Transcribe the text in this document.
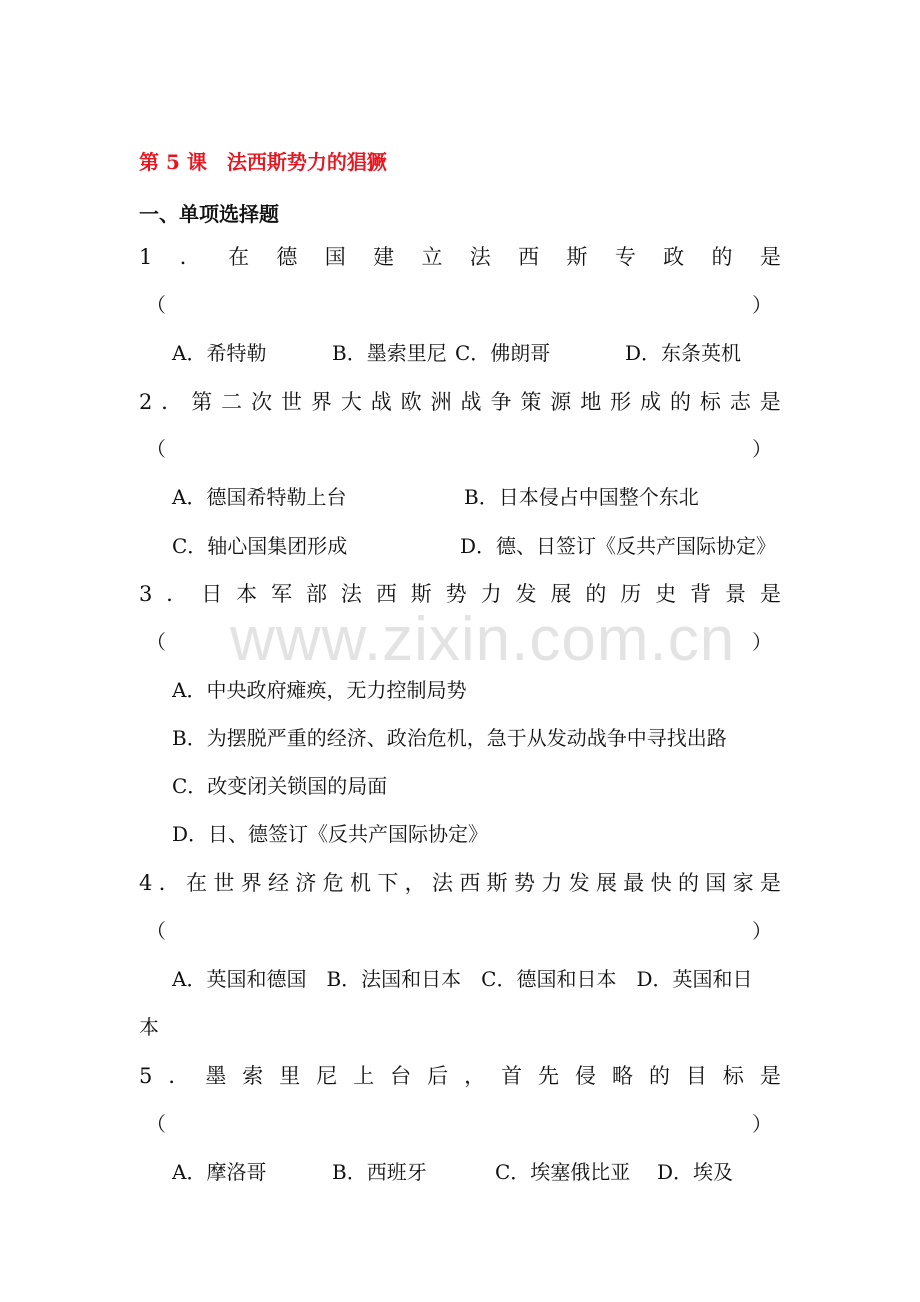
www.zixin.com.cn
第 5 课　法西斯势力的猖獗
一、单项选择题
1 ． 在 德 国 建 立 法 西 斯 专 政 的 是
（	）
A．希特勒	B．墨索里尼 C．佛朗哥	D．东条英机
2 ． 第 二 次 世 界 大 战 欧 洲 战 争 策 源 地 形 成 的 标 志 是
（	）
A．德国希特勒上台	B．日本侵占中国整个东北
C．轴心国集团形成	D．德、日签订《反共产国际协定》
3 ． 日 本 军 部 法 西 斯 势 力 发 展 的 历 史 背 景 是
（	）
A．中央政府瘫痪，无力控制局势
B．为摆脱严重的经济、政治危机，急于从发动战争中寻找出路
C．改变闭关锁国的局面
D．日、德签订《反共产国际协定》
4 ． 在 世 界 经 济 危 机 下 ， 法 西 斯 势 力 发 展 最 快 的 国 家 是
（	）
A．英国和德国　B．法国和日本　C．德国和日本　D．英国和日
本
5 ． 墨 索 里 尼 上 台 后 ， 首 先 侵 略 的 目 标 是
（	）
A．摩洛哥	B．西班牙	C．埃塞俄比亚 D．埃及
